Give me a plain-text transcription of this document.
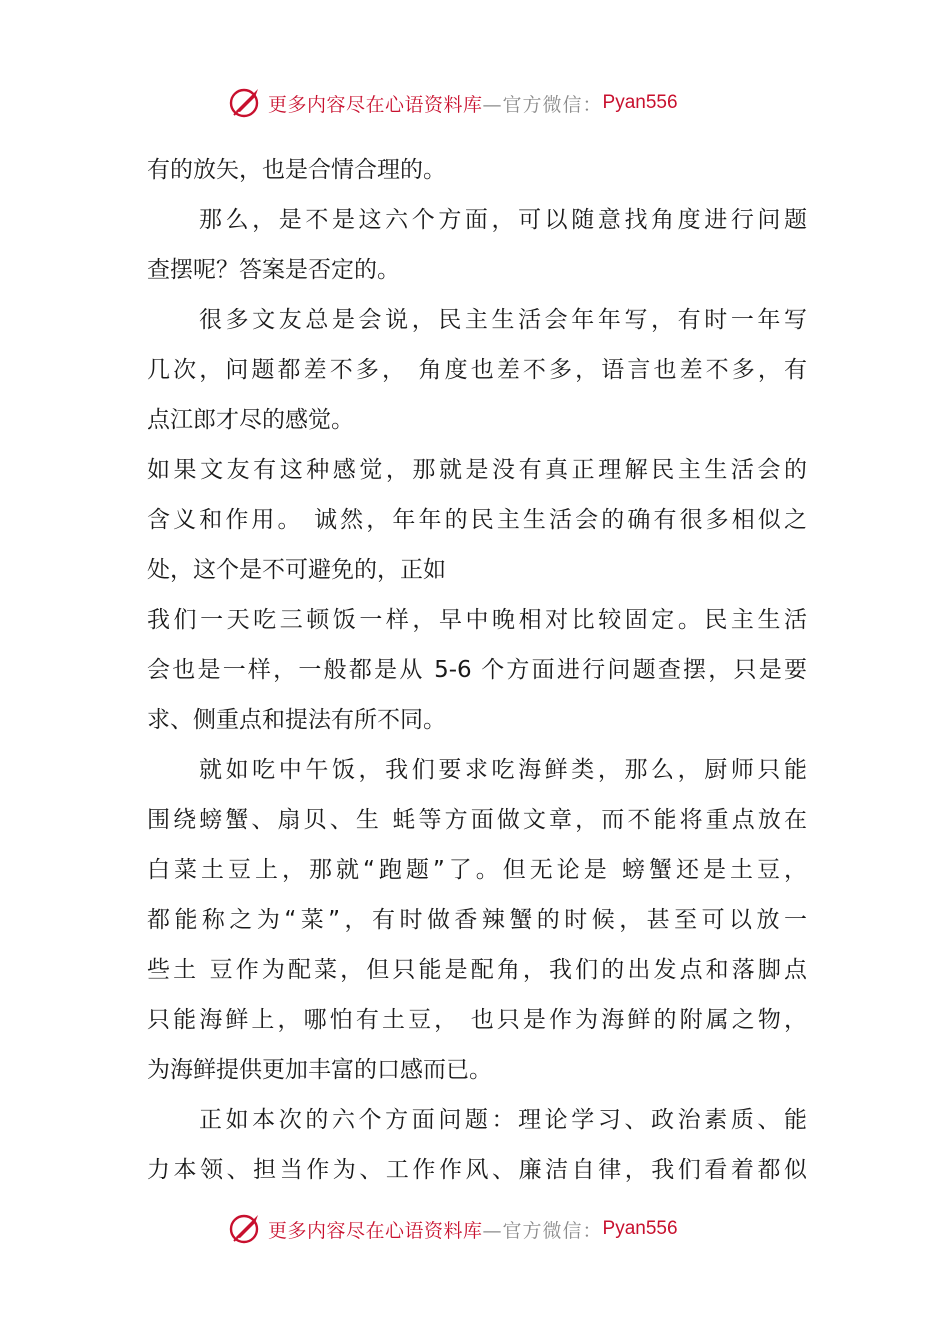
更多内容尽在心语资料库 —官方微信： Pyan556
有的放矢，也是合情合理的。
那么，是不是这六个方面，可以随意找角度进行问题
查摆呢？答案是否定的。
很多文友总是会说，民主生活会年年写，有时一年写
几次，问题都差不多， 角度也差不多，语言也差不多，有
点江郎才尽的感觉。
如果文友有这种感觉，那就是没有真正理解民主生活会的
含义和作用。 诚然，年年的民主生活会的确有很多相似之
处，这个是不可避免的，正如
我们一天吃三顿饭一样，早中晚相对比较固定。民主生活
会也是一样，一般都是从 5-6 个方面进行问题查摆，只是要
求、侧重点和提法有所不同。
就如吃中午饭，我们要求吃海鲜类，那么，厨师只能
围绕螃蟹、扇贝、生 蚝等方面做文章，而不能将重点放在
白菜土豆上，那就“跑题”了。但无论是 螃蟹还是土豆，
都能称之为“菜”，有时做香辣蟹的时候，甚至可以放一
些土 豆作为配菜，但只能是配角，我们的出发点和落脚点
只能海鲜上，哪怕有土豆， 也只是作为海鲜的附属之物，
为海鲜提供更加丰富的口感而已。
正如本次的六个方面问题：理论学习、政治素质、能
力本领、担当作为、工作作风、廉洁自律，我们看着都似
更多内容尽在心语资料库 —官方微信： Pyan556
